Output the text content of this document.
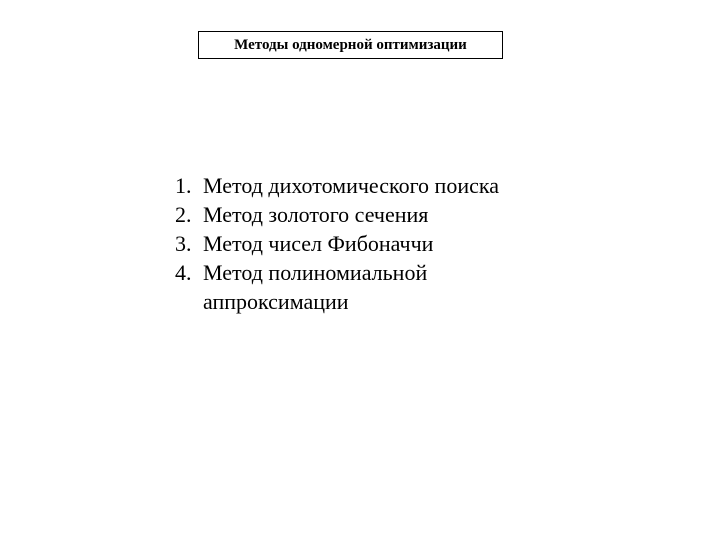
Методы одномерной оптимизации
1. Метод дихотомического поиска
2. Метод золотого сечения
3. Метод чисел Фибоначчи
4. Метод полиномиальной аппроксимации
